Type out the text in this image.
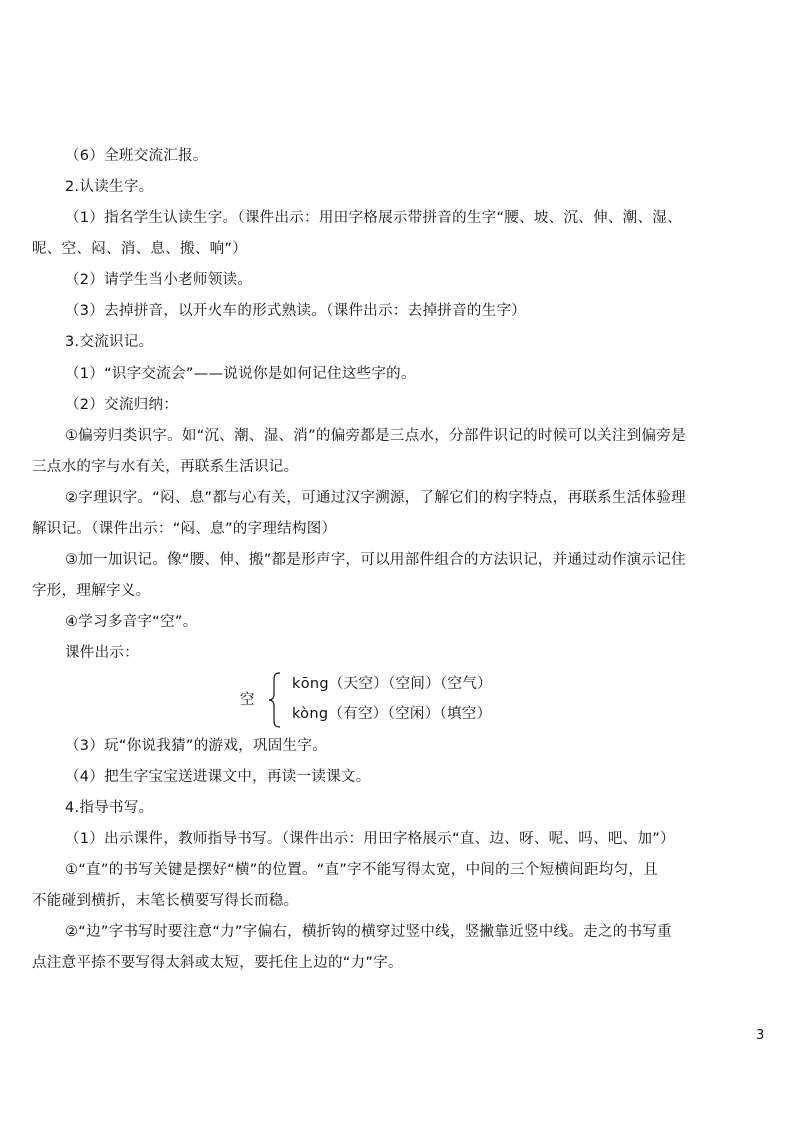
（6）全班交流汇报。
2.认读生字。
（1）指名学生认读生字。（课件出示：用田字格展示带拼音的生字“腰、坡、沉、伸、潮、湿、
呢、空、闷、消、息、搬、响”）
（2）请学生当小老师领读。
（3）去掉拼音，以开火车的形式熟读。（课件出示：去掉拼音的生字）
3.交流识记。
（1）“识字交流会”——说说你是如何记住这些字的。
（2）交流归纳：
①偏旁归类识字。如“沉、潮、湿、消”的偏旁都是三点水，分部件识记的时候可以关注到偏旁是
三点水的字与水有关，再联系生活识记。
②字理识字。“闷、息”都与心有关，可通过汉字溯源，了解它们的构字特点，再联系生活体验理
解识记。（课件出示：“闷、息”的字理结构图）
③加一加识记。像“腰、伸、搬”都是形声字，可以用部件组合的方法识记，并通过动作演示记住
字形，理解字义。
④学习多音字“空”。
课件出示：
空
kōng（天空）（空间）（空气）
kòng（有空）（空闲）（填空）
（3）玩“你说我猜”的游戏，巩固生字。
（4）把生字宝宝送进课文中，再读一读课文。
4.指导书写。
（1）出示课件，教师指导书写。（课件出示：用田字格展示“直、边、呀、呢、吗、吧、加”）
①“直”的书写关键是摆好“横”的位置。“直”字不能写得太宽，中间的三个短横间距均匀，且
不能碰到横折，末笔长横要写得长而稳。
②“边”字书写时要注意“力”字偏右，横折钩的横穿过竖中线，竖撇靠近竖中线。走之的书写重
点注意平捺不要写得太斜或太短，要托住上边的“力”字。
3
